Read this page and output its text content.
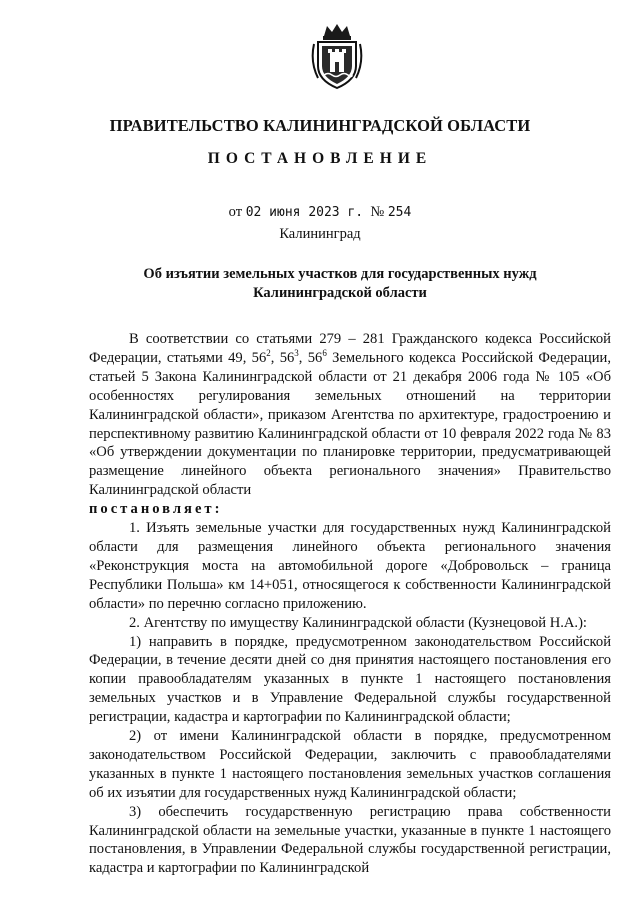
ПРАВИТЕЛЬСТВО КАЛИНИНГРАДСКОЙ ОБЛАСТИ
ПОСТАНОВЛЕНИЕ
от 02 июня 2023 г. № 254
Калининград
Об изъятии земельных участков для государственных нужд
Калининградской области

В соответствии со статьями 279 – 281 Гражданского кодекса Российской Федерации, статьями 49, $56^2$, $56^3$, $56^6$ Земельного кодекса Российской Федерации, статьей 5 Закона Калининградской области от 21 декабря 2006 года № 105 «Об особенностях регулирования земельных отношений на территории Калининградской области», приказом Агентства по архитектуре, градостроению и перспективному развитию Калининградской области от 10 февраля 2022 года № 83 «Об утверждении документации по планировке территории, предусматривающей размещение линейного объекта регионального значения» Правительство Калининградской области

постановляет:

1. Изъять земельные участки для государственных нужд Калининградской области для размещения линейного объекта регионального значения «Реконструкция моста на автомобильной дороге «Добровольск – граница Республики Польша» км 14+051, относящегося к собственности Калининградской области» по перечню согласно приложению.

2. Агентству по имуществу Калининградской области (Кузнецовой Н.А.):

1) направить в порядке, предусмотренном законодательством Российской Федерации, в течение десяти дней со дня принятия настоящего постановления его копии правообладателям указанных в пункте 1 настоящего постановления земельных участков и в Управление Федеральной службы государственной регистрации, кадастра и картографии по Калининградской области;

2) от имени Калининградской области в порядке, предусмотренном законодательством Российской Федерации, заключить с правообладателями указанных в пункте 1 настоящего постановления земельных участков соглашения об их изъятии для государственных нужд Калининградской области;

3) обеспечить государственную регистрацию права собственности Калининградской области на земельные участки, указанные в пункте 1 настоящего постановления, в Управлении Федеральной службы государственной регистрации, кадастра и картографии по Калининградской
